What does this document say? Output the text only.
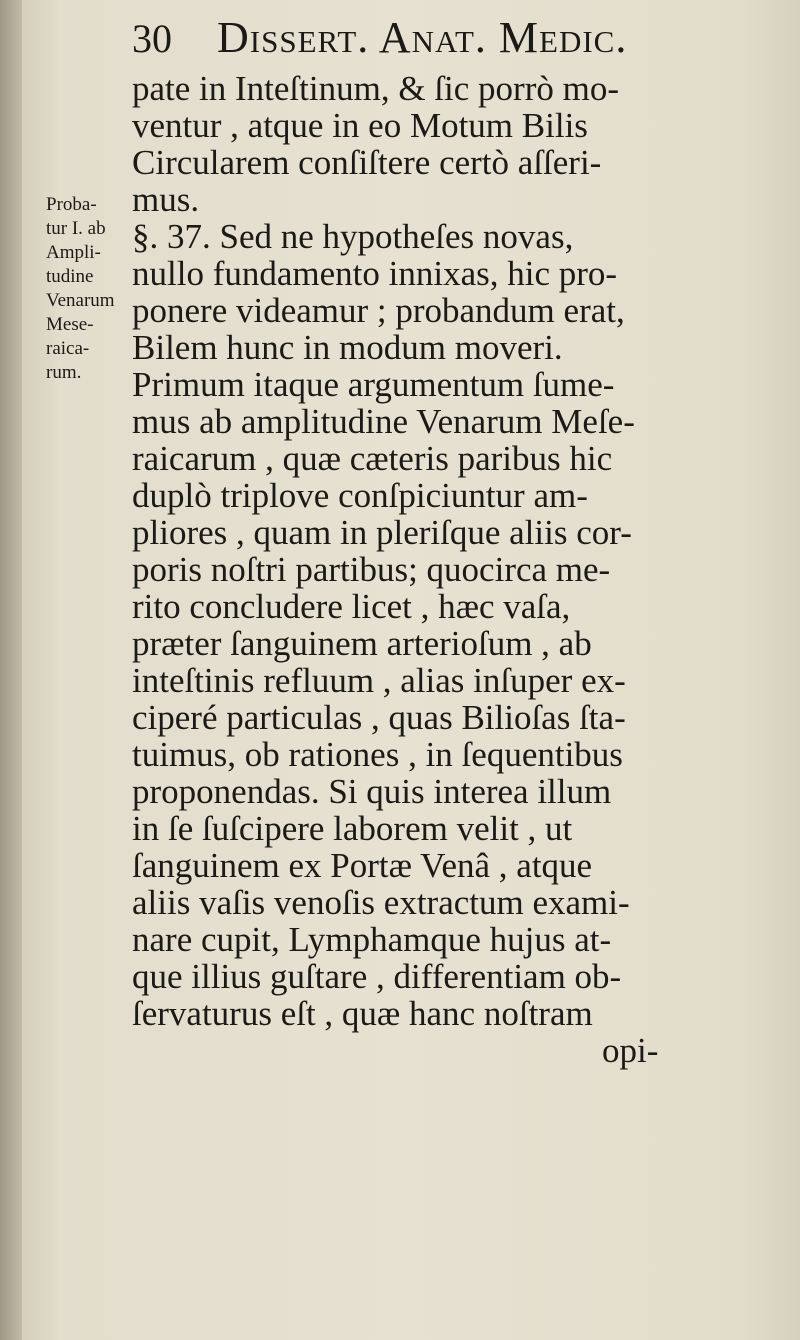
30 Dissert. Anat. Medic.
Proba-
tur I. ab
Ampli-
tudine
Venarum
Mese-
raica-
rum.
pate in Inteſtinum, & ſic porrò mo-
ventur , atque in eo Motum Bilis
Circularem conſiſtere certò aſſeri-
mus.
§. 37. Sed ne hypotheſes novas,
nullo fundamento innixas, hic pro-
ponere videamur ; probandum erat,
Bilem hunc in modum moveri.
Primum itaque argumentum ſume-
mus ab amplitudine Venarum Meſe-
raicarum , quæ cæteris paribus hic
duplò triplove conſpiciuntur am-
pliores , quam in pleriſque aliis cor-
poris noſtri partibus; quocirca me-
rito concludere licet , hæc vaſa,
præter ſanguinem arterioſum , ab
inteſtinis refluum , alias inſuper ex-
ciperé particulas , quas Bilioſas ſta-
tuimus, ob rationes , in ſequentibus
proponendas. Si quis interea illum
in ſe ſuſcipere laborem velit , ut
ſanguinem ex Portæ Venâ , atque
aliis vaſis venoſis extractum exami-
nare cupit, Lymphamque hujus at-
que illius guſtare , differentiam ob-
ſervaturus eſt , quæ hanc noſtram
opi-
